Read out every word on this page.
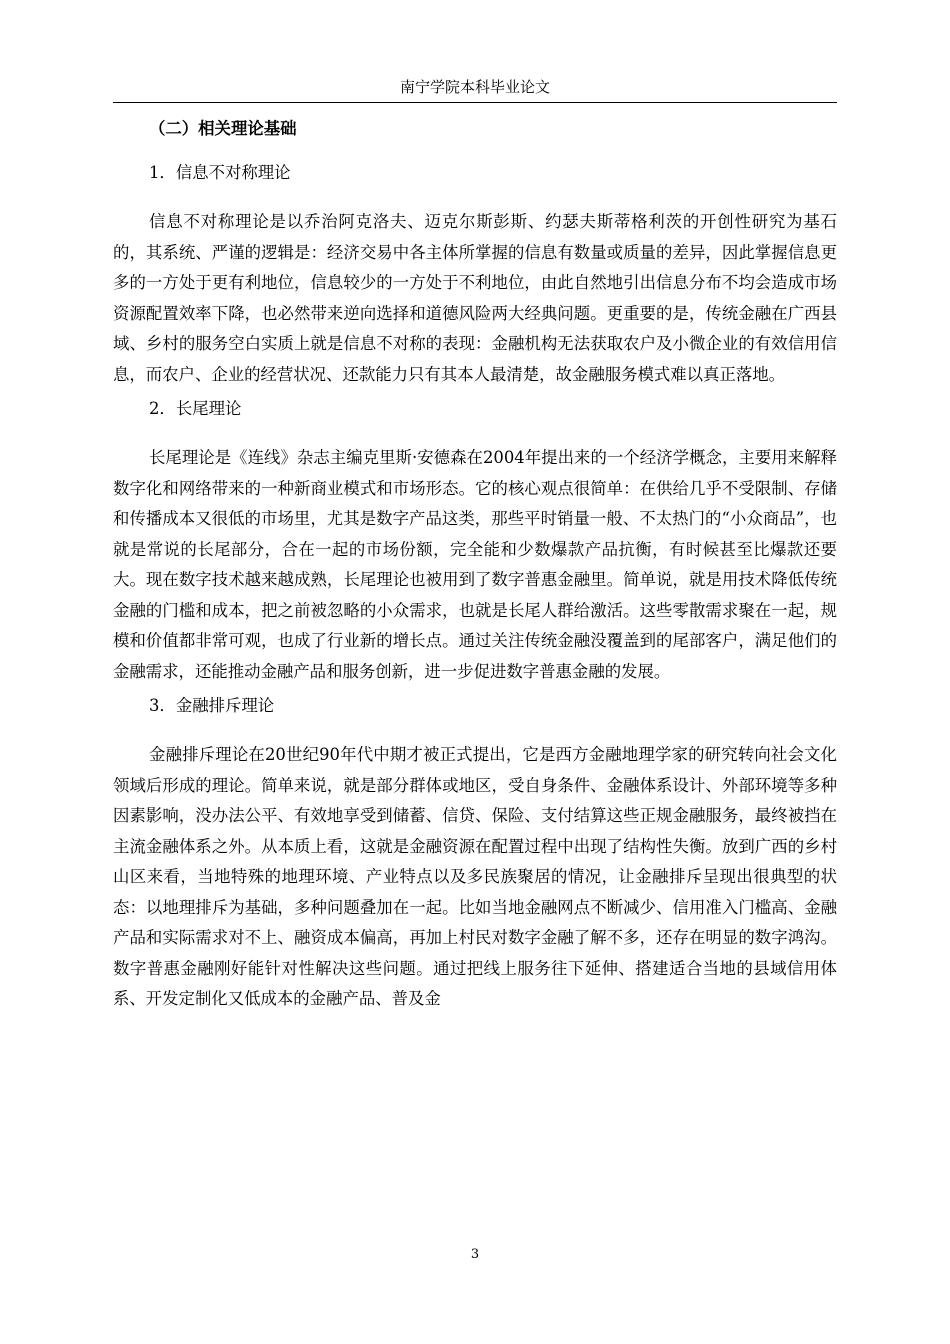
南宁学院本科毕业论文
（二）相关理论基础
1．信息不对称理论

信息不对称理论是以乔治阿克洛夫、迈克尔斯彭斯、约瑟夫斯蒂格利茨的开创性研究为基石的，其系统、严谨的逻辑是：经济交易中各主体所掌握的信息有数量或质量的差异，因此掌握信息更多的一方处于更有利地位，信息较少的一方处于不利地位，由此自然地引出信息分布不均会造成市场资源配置效率下降，也必然带来逆向选择和道德风险两大经典问题。更重要的是，传统金融在广西县域、乡村的服务空白实质上就是信息不对称的表现：金融机构无法获取农户及小微企业的有效信用信息，而农户、企业的经营状况、还款能力只有其本人最清楚，故金融服务模式难以真正落地。

2．长尾理论

长尾理论是《连线》杂志主编克里斯·安德森在2004年提出来的一个经济学概念，主要用来解释数字化和网络带来的一种新商业模式和市场形态。它的核心观点很简单：在供给几乎不受限制、存储和传播成本又很低的市场里，尤其是数字产品这类，那些平时销量一般、不太热门的“小众商品”，也就是常说的长尾部分，合在一起的市场份额，完全能和少数爆款产品抗衡，有时候甚至比爆款还要大。现在数字技术越来越成熟，长尾理论也被用到了数字普惠金融里。简单说，就是用技术降低传统金融的门槛和成本，把之前被忽略的小众需求，也就是长尾人群给激活。这些零散需求聚在一起，规模和价值都非常可观，也成了行业新的增长点。通过关注传统金融没覆盖到的尾部客户，满足他们的金融需求，还能推动金融产品和服务创新，进一步促进数字普惠金融的发展。

3．金融排斥理论

金融排斥理论在20世纪90年代中期才被正式提出，它是西方金融地理学家的研究转向社会文化领域后形成的理论。简单来说，就是部分群体或地区，受自身条件、金融体系设计、外部环境等多种因素影响，没办法公平、有效地享受到储蓄、信贷、保险、支付结算这些正规金融服务，最终被挡在主流金融体系之外。从本质上看，这就是金融资源在配置过程中出现了结构性失衡。放到广西的乡村山区来看，当地特殊的地理环境、产业特点以及多民族聚居的情况，让金融排斥呈现出很典型的状态：以地理排斥为基础，多种问题叠加在一起。比如当地金融网点不断减少、信用准入门槛高、金融产品和实际需求对不上、融资成本偏高，再加上村民对数字金融了解不多，还存在明显的数字鸿沟。数字普惠金融刚好能针对性解决这些问题。通过把线上服务往下延伸、搭建适合当地的县域信用体系、开发定制化又低成本的金融产品、普及金

3
